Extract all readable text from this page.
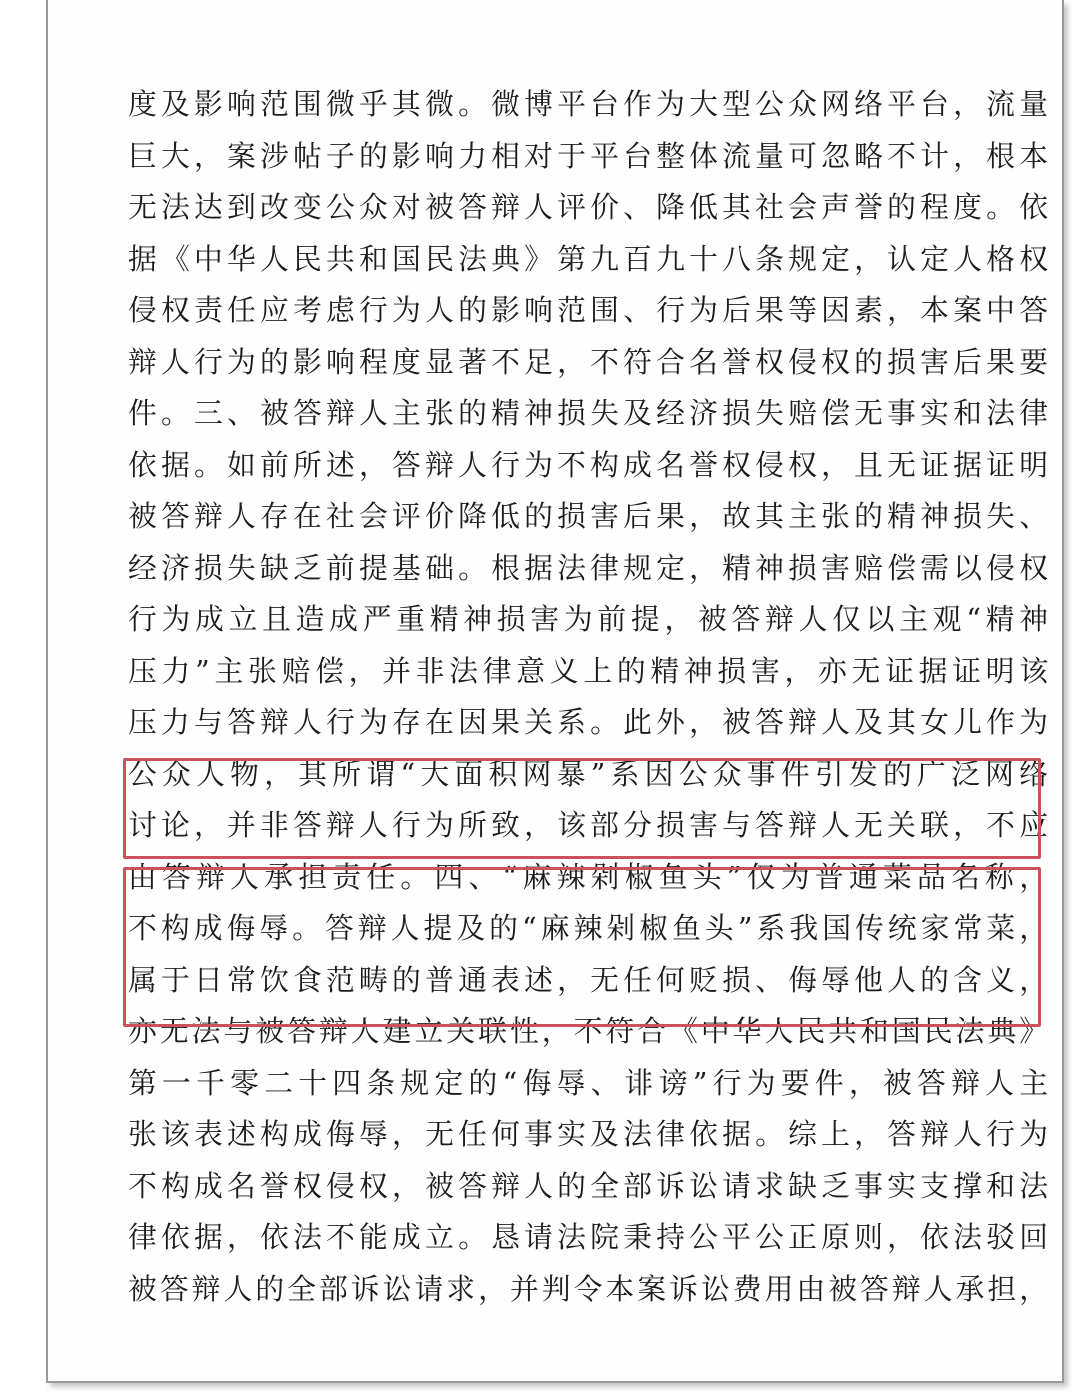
度及影响范围微乎其微。微博平台作为大型公众网络平台，流量
巨大，案涉帖子的影响力相对于平台整体流量可忽略不计，根本
无法达到改变公众对被答辩人评价、降低其社会声誉的程度。依
据《中华人民共和国民法典》第九百九十八条规定，认定人格权
侵权责任应考虑行为人的影响范围、行为后果等因素，本案中答
辩人行为的影响程度显著不足，不符合名誉权侵权的损害后果要
件。三、被答辩人主张的精神损失及经济损失赔偿无事实和法律
依据。如前所述，答辩人行为不构成名誉权侵权，且无证据证明
被答辩人存在社会评价降低的损害后果，故其主张的精神损失、
经济损失缺乏前提基础。根据法律规定，精神损害赔偿需以侵权
行为成立且造成严重精神损害为前提，被答辩人仅以主观“精神
压力”主张赔偿，并非法律意义上的精神损害，亦无证据证明该
压力与答辩人行为存在因果关系。此外，被答辩人及其女儿作为
公众人物，其所谓“大面积网暴”系因公众事件引发的广泛网络
讨论，并非答辩人行为所致，该部分损害与答辩人无关联，不应
由答辩人承担责任。四、“麻辣剁椒鱼头”仅为普通菜品名称，
不构成侮辱。答辩人提及的“麻辣剁椒鱼头”系我国传统家常菜，
属于日常饮食范畴的普通表述，无任何贬损、侮辱他人的含义，
亦无法与被答辩人建立关联性，不符合《中华人民共和国民法典》
第一千零二十四条规定的“侮辱、诽谤”行为要件，被答辩人主
张该表述构成侮辱，无任何事实及法律依据。综上，答辩人行为
不构成名誉权侵权，被答辩人的全部诉讼请求缺乏事实支撑和法
律依据，依法不能成立。恳请法院秉持公平公正原则，依法驳回
被答辩人的全部诉讼请求，并判令本案诉讼费用由被答辩人承担，
